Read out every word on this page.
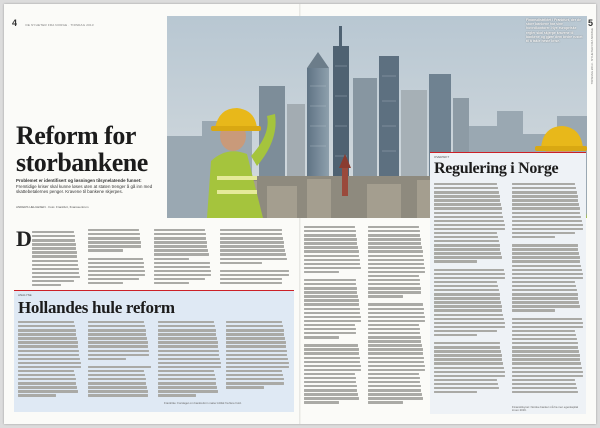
4	DE NYHETER FRA NORGE · TIRSDAG 2013	5
TIRSDAG 2013 · NYHETER FRA NORGE
Finansdistriktet i Frankfurt, der de store bankene har sine hovedkontorer. Nye europeiske regler skal skjerpe kravene til bankene og gjøre dem bedre rustet til å takle neste krise.
Reform for storbankene
Problemet er identifisert og løsningen tilsynelatende funnet: Fremtidige kriser skal kunne løses uten at staten trenger å gå inn med skattebetalernes penger. Kravene til bankene skjerpes.
ANDERS HELGESEN · Foto: Frankfurt, finanssentrum
D
ANALYSE
Hollandes hule reform
Frankrike: Forslaget om bankreform møter kritikk fra flere hold.
OVERSIKT
Regulering i Norge
Finanstilsynet: Norske banker må ha mer egenkapital innen 2016.
